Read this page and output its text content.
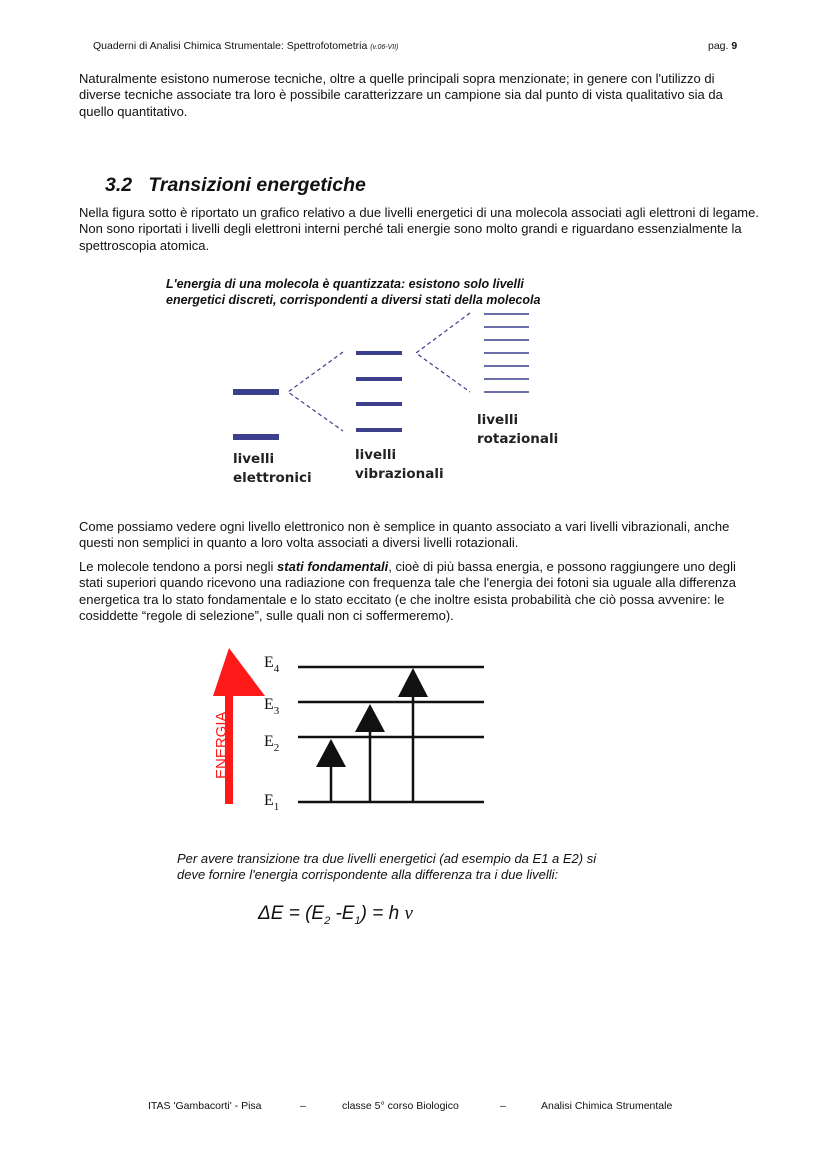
Quaderni di Analisi Chimica Strumentale: Spettrofotometria (v.06-VII)	pag. 9
Naturalmente esistono numerose tecniche, oltre a quelle principali sopra menzionate; in genere con l'utilizzo di diverse tecniche associate tra loro è possibile caratterizzare un campione sia dal punto di vista qualitativo sia da quello quantitativo.
3.2 Transizioni energetiche
Nella figura sotto è riportato un grafico relativo a due livelli energetici di una molecola associati agli elettroni di legame. Non sono riportati i livelli degli elettroni interni perché tali energie sono molto grandi e riguardano essenzialmente la spettroscopia atomica.
Come possiamo vedere ogni livello elettronico non è semplice in quanto associato a vari livelli vibrazionali, anche questi non semplici in quanto a loro volta associati a diversi livelli rotazionali.
Le molecole tendono a porsi negli stati fondamentali, cioè di più bassa energia, e possono raggiungere uno degli stati superiori quando ricevono una radiazione con frequenza tale che l'energia dei fotoni sia uguale alla differenza energetica tra lo stato fondamentale e lo stato eccitato (e che inoltre esista probabilità che ciò possa avvenire: le cosiddette “regole di selezione”, sulle quali non ci soffermeremo).
L'energia di una molecola è quantizzata: esistono solo livelli
energetici discreti, corrispondenti a diversi stati della molecola
livelli
elettronici
livelli
vibrazionali
livelli
rotazionali
ENERGIA
$E_4$
$E_3$
$E_2$
$E_1$
Per avere transizione tra due livelli energetici (ad esempio da E1 a E2) si deve fornire l'energia corrispondente alla differenza tra i due livelli:
$\Delta E = (E_2$ $-E_1) = h$ ν
ITAS 'Gambacorti' - Pisa	–	classe 5° corso Biologico	–	Analisi Chimica Strumentale
